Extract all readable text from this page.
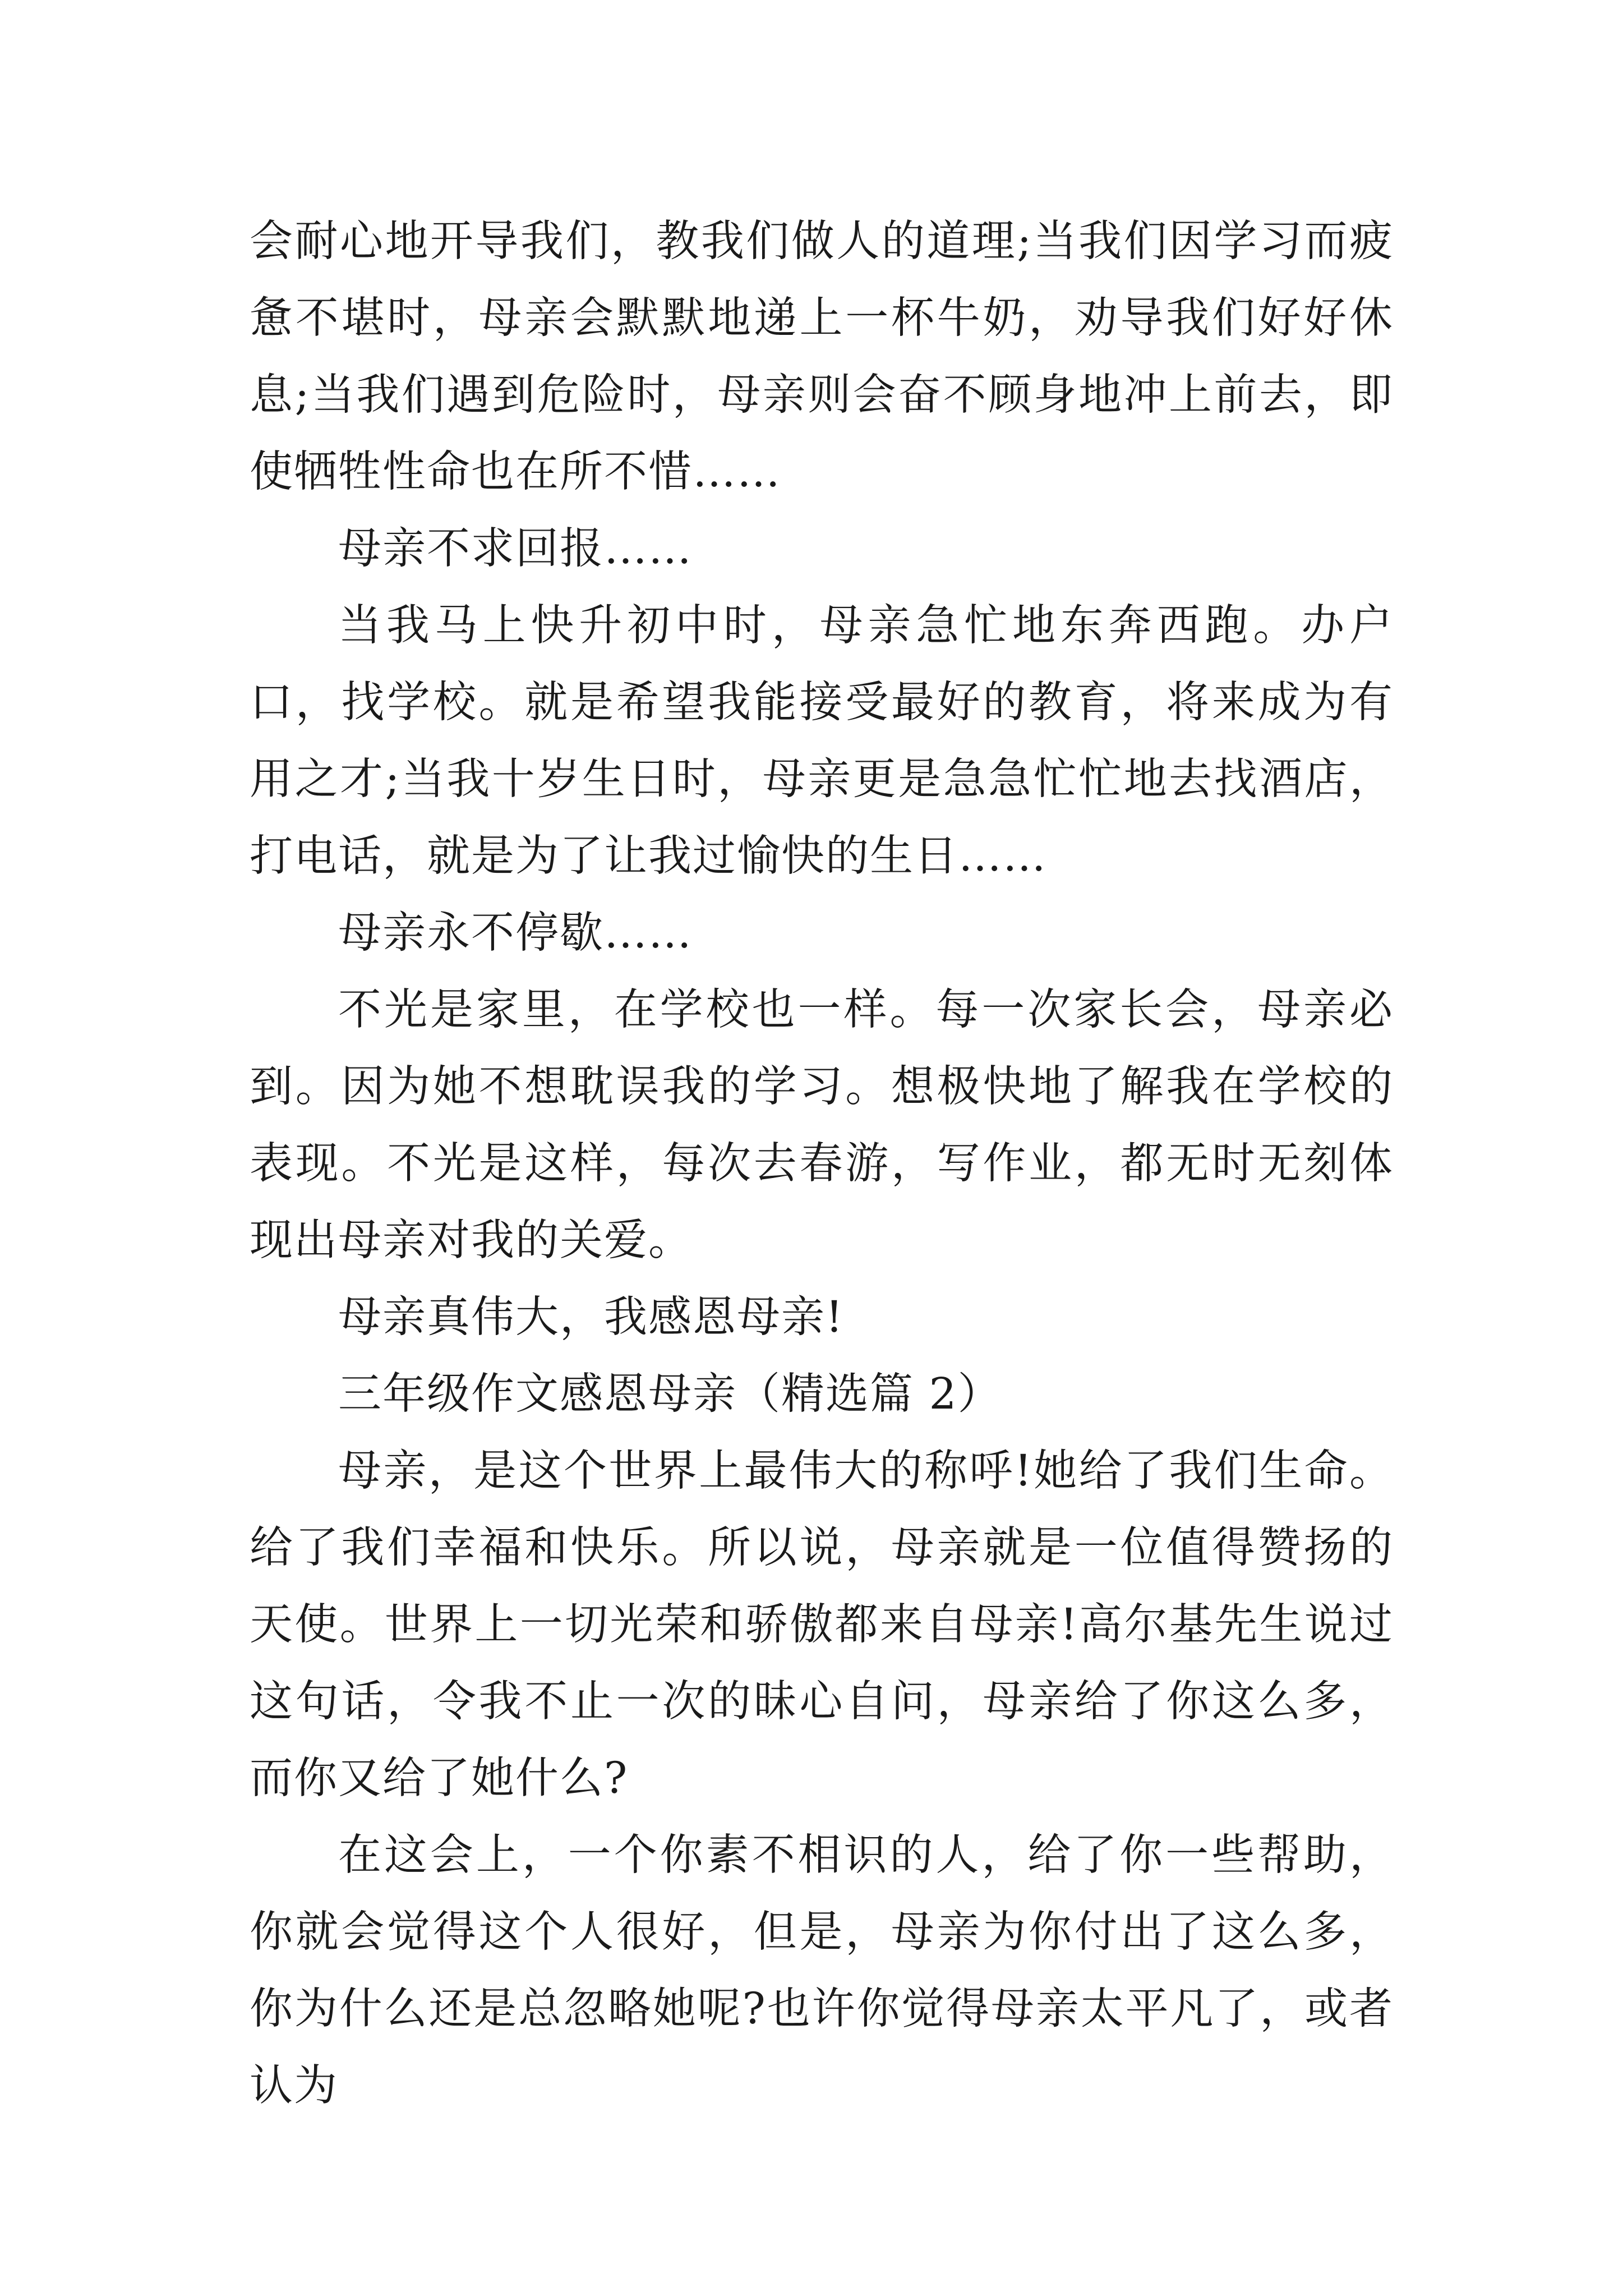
会耐心地开导我们，教我们做人的道理;当我们因学习而疲惫不堪时，母亲会默默地递上一杯牛奶，劝导我们好好休息;当我们遇到危险时，母亲则会奋不顾身地冲上前去，即使牺牲性命也在所不惜……

母亲不求回报……

当我马上快升初中时，母亲急忙地东奔西跑。办户口，找学校。就是希望我能接受最好的教育，将来成为有用之才;当我十岁生日时，母亲更是急急忙忙地去找酒店，打电话，就是为了让我过愉快的生日……

母亲永不停歇……

不光是家里，在学校也一样。每一次家长会，母亲必到。因为她不想耽误我的学习。想极快地了解我在学校的表现。不光是这样，每次去春游，写作业，都无时无刻体现出母亲对我的关爱。

母亲真伟大，我感恩母亲!

三年级作文感恩母亲（精选篇 2）

母亲，是这个世界上最伟大的称呼!她给了我们生命。给了我们幸福和快乐。所以说，母亲就是一位值得赞扬的天使。世界上一切光荣和骄傲都来自母亲!高尔基先生说过这句话，令我不止一次的昧心自问，母亲给了你这么多，而你又给了她什么?

在这会上，一个你素不相识的人，给了你一些帮助，你就会觉得这个人很好，但是，母亲为你付出了这么多，你为什么还是总忽略她呢?也许你觉得母亲太平凡了，或者认为
